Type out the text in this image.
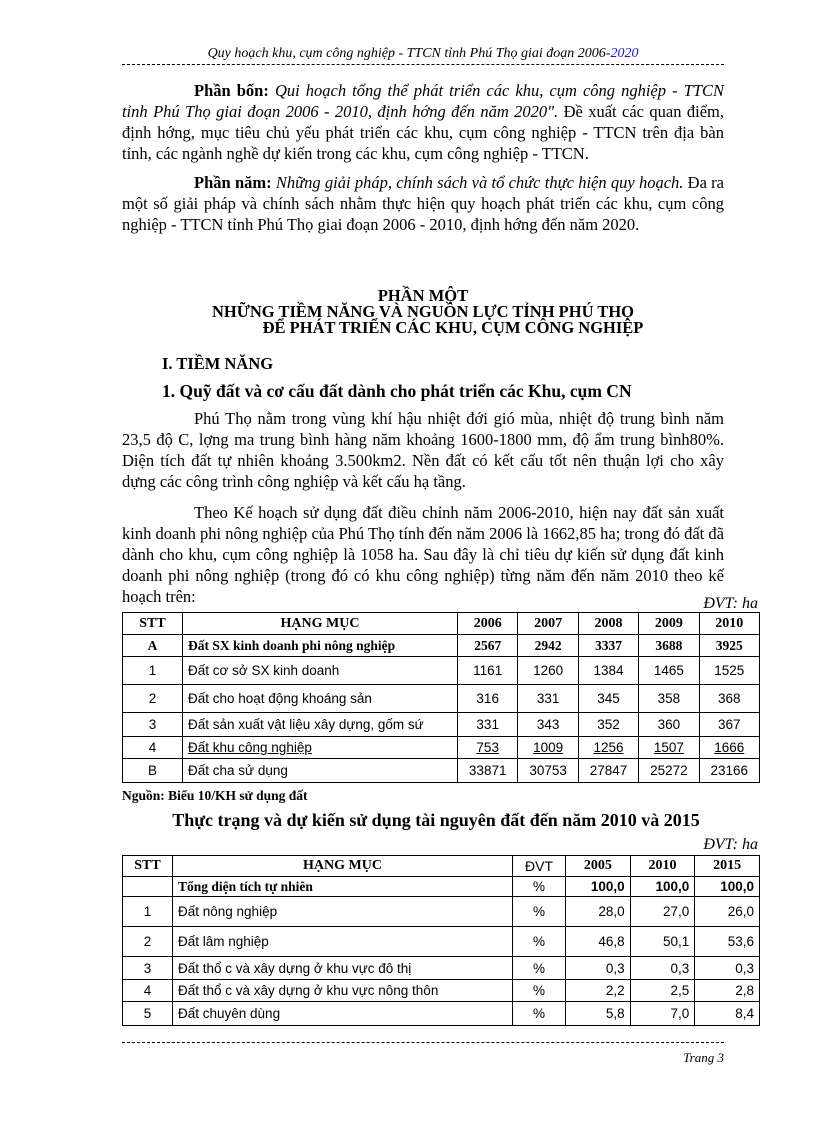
Quy hoạch khu, cụm công nghiệp - TTCN tỉnh Phú Thọ giai đoạn 2006-2020

Phần bốn: Qui hoạch tổng thể phát triển các khu, cụm công nghiệp - TTCN tỉnh Phú Thọ giai đoạn 2006 - 2010, định hớng đến năm 2020". Đề xuất các quan điểm, định hớng, mục tiêu chủ yếu phát triển các khu, cụm công nghiệp - TTCN trên địa bàn tỉnh, các ngành nghề dự kiến trong các khu, cụm công nghiệp - TTCN.

Phần năm: Những giải pháp, chính sách và tổ chức thực hiện quy hoạch. Đa ra một số giải pháp và chính sách nhằm thực hiện quy hoạch phát triển các khu, cụm công nghiệp - TTCN tỉnh Phú Thọ giai đoạn 2006 - 2010, định hớng đến năm 2020.

PHẦN MỘT
NHỮNG TIỀM NĂNG VÀ NGUỒN LỰC TỈNH PHÚ THỌ
ĐỂ PHÁT TRIỂN CÁC KHU, CỤM CÔNG NGHIỆP
I. TIỀM NĂNG
1. Quỹ đất và cơ cấu đất dành cho phát triển các Khu, cụm CN

Phú Thọ nằm trong vùng khí hậu nhiệt đới gió mùa, nhiệt độ trung bình năm 23,5 độ C, lợng ma trung bình hàng năm khoảng 1600-1800 mm, độ ẩm trung bình80%. Diện tích đất tự nhiên khoảng 3.500km2. Nền đất có kết cấu tốt nên thuận lợi cho xây dựng các công trình công nghiệp và kết cấu hạ tầng.

Theo Kế hoạch sử dụng đất điều chỉnh năm 2006-2010, hiện nay đất sản xuất kinh doanh phi nông nghiệp của Phú Thọ tính đến năm 2006 là 1662,85 ha; trong đó đất đã dành cho khu, cụm công nghiệp là 1058 ha. Sau đây là chỉ tiêu dự kiến sử dụng đất kinh doanh phi nông nghiệp (trong đó có khu công nghiệp) từng năm đến năm 2010 theo kế hoạch trên:	ĐVT: ha
STT	HẠNG MỤC	2006	2007	2008	2009	2010
A	Đất SX kinh doanh phi nông nghiệp	2567	2942	3337	3688	3925
1	Đất cơ sở SX kinh doanh	1161	1260	1384	1465	1525
2	Đất cho hoạt động khoáng sản	316	331	345	358	368
3	Đất sản xuất vật liệu xây dựng, gốm sứ	331	343	352	360	367
4	Đất khu công nghiệp	753	1009	1256	1507	1666
B	Đất cha sử dụng	33871	30753	27847	25272	23166
Nguồn: Biểu 10/KH sử dụng đất
Thực trạng và dự kiến sử dụng tài nguyên đất đến năm 2010 và 2015
ĐVT: ha
STT	HẠNG MỤC	ĐVT	2005	2010	2015
	Tổng diện tích tự nhiên	%	100,0	100,0	100,0
1	Đất nông nghiệp	%	28,0	27,0	26,0
2	Đất lâm nghiệp	%	46,8	50,1	53,6
3	Đất thổ c và xây dựng ở khu vực đô thị	%	0,3	0,3	0,3
4	Đất thổ c và xây dựng ở khu vực nông thôn	%	2,2	2,5	2,8
5	Đất chuyên dùng	%	5,8	7,0	8,4
Trang 3
